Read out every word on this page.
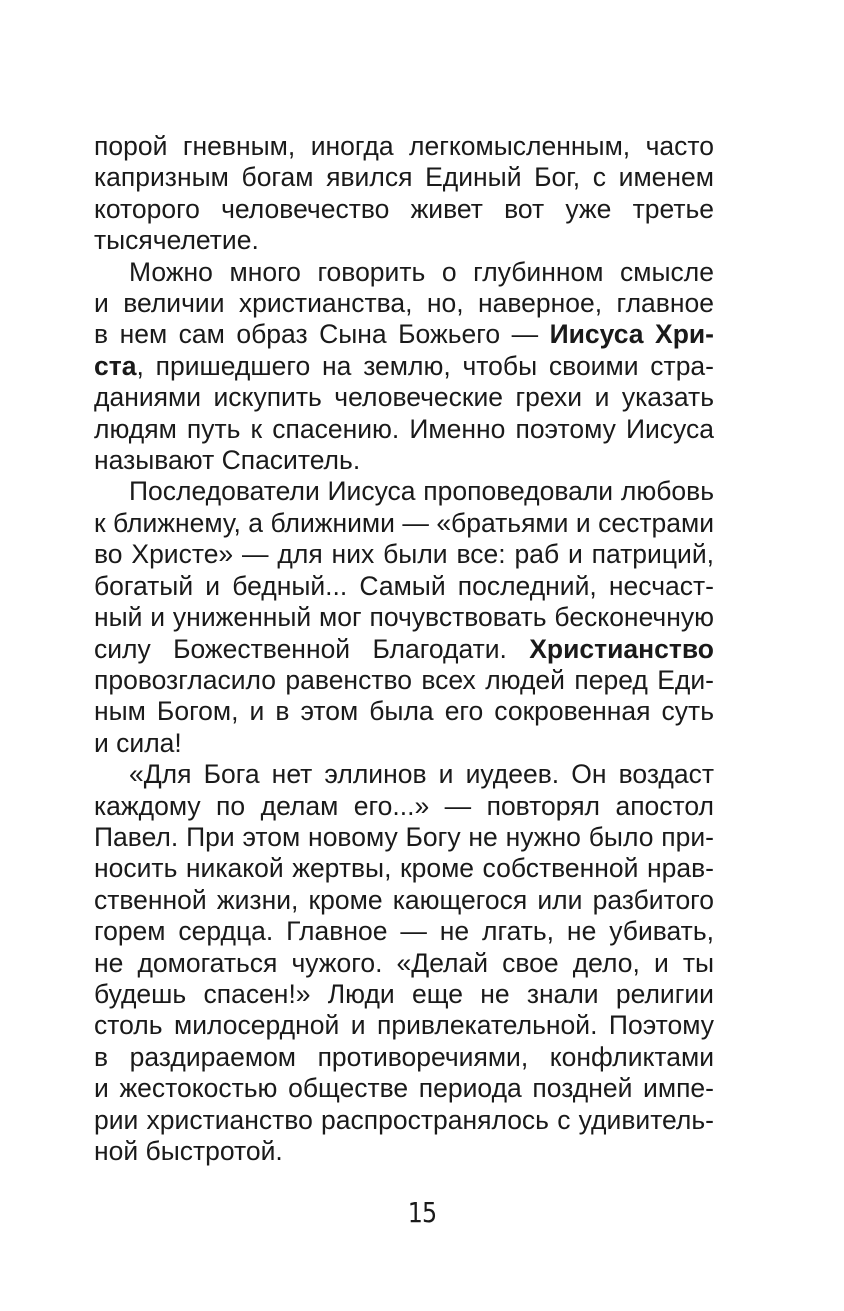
порой гневным, иногда легкомысленным, часто
капризным богам явился Единый Бог, с именем
которого человечество живет вот уже третье
тысячелетие.
Можно много говорить о глубинном смысле
и величии христианства, но, наверное, главное
в нем сам образ Сына Божьего — Иисуса Хри-
ста, пришедшего на землю, чтобы своими стра-
даниями искупить человеческие грехи и указать
людям путь к спасению. Именно поэтому Иисуса
называют Спаситель.
Последователи Иисуса проповедовали любовь
к ближнему, а ближними — «братьями и сестрами
во Христе» — для них были все: раб и патриций,
богатый и бедный... Самый последний, несчаст-
ный и униженный мог почувствовать бесконечную
силу Божественной Благодати. Христианство
провозгласило равенство всех людей перед Еди-
ным Богом, и в этом была его сокровенная суть
и сила!
«Для Бога нет эллинов и иудеев. Он воздаст
каждому по делам его...» — повторял апостол
Павел. При этом новому Богу не нужно было при-
носить никакой жертвы, кроме собственной нрав-
ственной жизни, кроме кающегося или разбитого
горем сердца. Главное — не лгать, не убивать,
не домогаться чужого. «Делай свое дело, и ты
будешь спасен!» Люди еще не знали религии
столь милосердной и привлекательной. Поэтому
в раздираемом противоречиями, конфликтами
и жестокостью обществе периода поздней импе-
рии христианство распространялось с удивитель-
ной быстротой.
15
